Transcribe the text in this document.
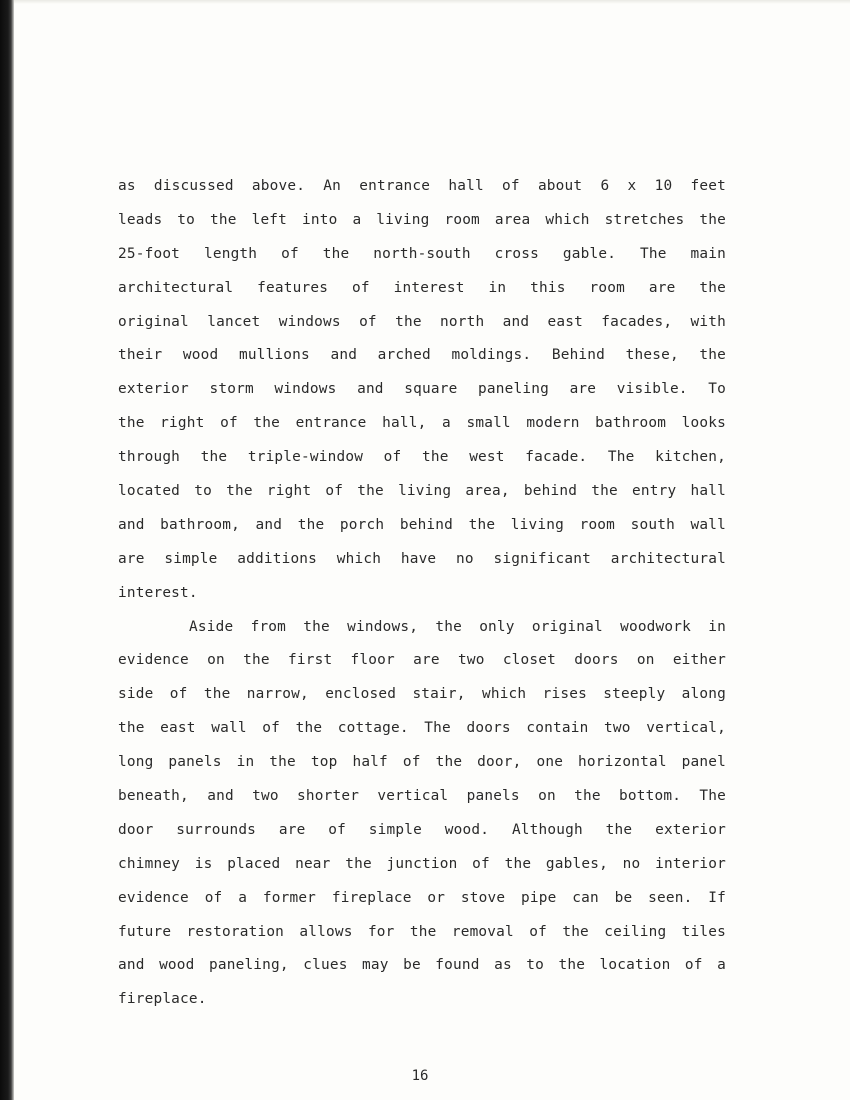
as discussed above. An entrance hall of about 6 x 10 feet
leads to the left into a living room area which stretches the
25-foot length of the north-south cross gable. The main
architectural features of interest in this room are the
original lancet windows of the north and east facades, with
their wood mullions and arched moldings. Behind these, the
exterior storm windows and square paneling are visible. To
the right of the entrance hall, a small modern bathroom looks
through the triple-window of the west facade. The kitchen,
located to the right of the living area, behind the entry hall
and bathroom, and the porch behind the living room south wall
are simple additions which have no significant architectural
interest.
Aside from the windows, the only original woodwork in
evidence on the first floor are two closet doors on either
side of the narrow, enclosed stair, which rises steeply along
the east wall of the cottage. The doors contain two vertical,
long panels in the top half of the door, one horizontal panel
beneath, and two shorter vertical panels on the bottom. The
door surrounds are of simple wood. Although the exterior
chimney is placed near the junction of the gables, no interior
evidence of a former fireplace or stove pipe can be seen. If
future restoration allows for the removal of the ceiling tiles
and wood paneling, clues may be found as to the location of a
fireplace.
16
